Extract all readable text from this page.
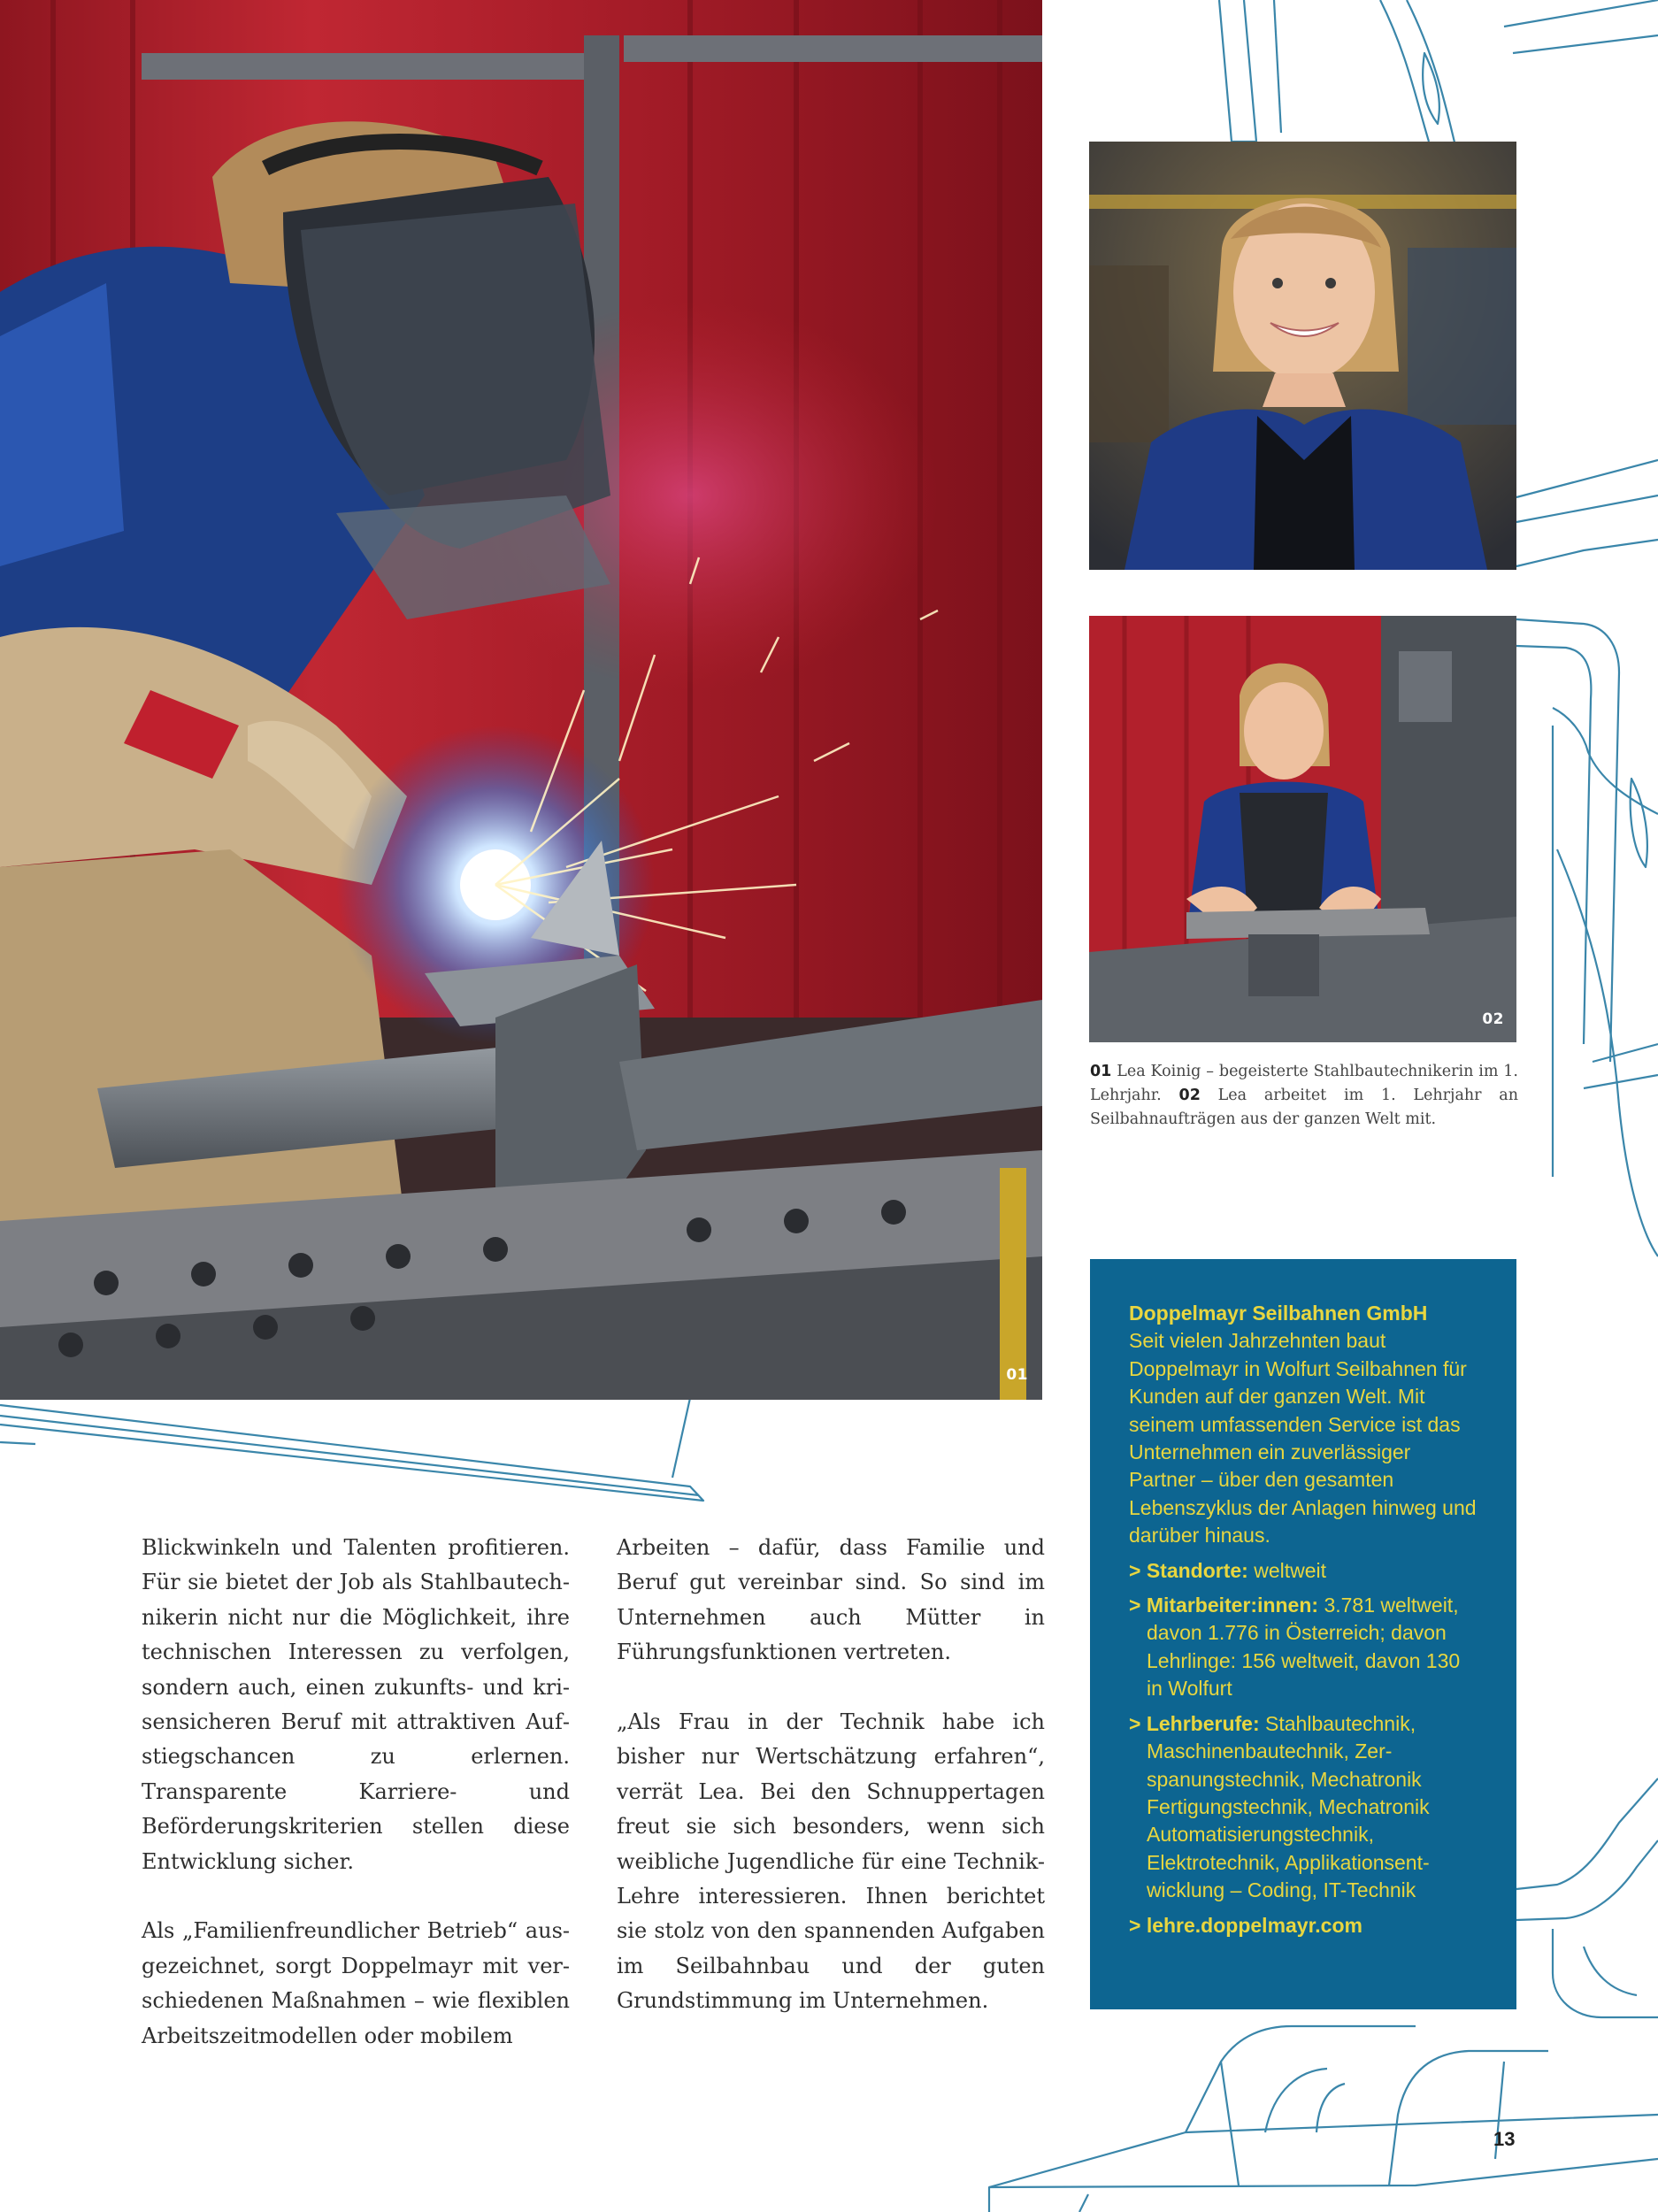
01
02
01 Lea Koinig – begeisterte Stahlbautechnikerin im 1. Lehrjahr. 02 Lea arbeitet im 1. Lehrjahr an Seilbahnaufträgen aus der ganzen Welt mit.

Blickwinkeln und Talenten profitieren. Für sie bietet der Job als Stahlbautechnikerin nicht nur die Möglichkeit, ihre technischen Interessen zu verfolgen, sondern auch, einen zukunfts- und krisensicheren Beruf mit attraktiven Aufstiegschancen zu erlernen. Transparente Karriere- und Beförderungskriterien stellen diese Entwicklung sicher.

Als „Familienfreundlicher Betrieb“ ausgezeichnet, sorgt Doppelmayr mit verschiedenen Maßnahmen – wie flexiblen Arbeitszeitmodellen oder mobilem

Arbeiten – dafür, dass Familie und Beruf gut vereinbar sind. So sind im Unternehmen auch Mütter in Führungsfunktionen vertreten.

„Als Frau in der Technik habe ich bisher nur Wertschätzung erfahren“, verrät Lea. Bei den Schnuppertagen freut sie sich besonders, wenn sich weibliche Jugendliche für eine Technik-Lehre interessieren. Ihnen berichtet sie stolz von den spannenden Aufgaben im Seilbahnbau und der guten Grundstimmung im Unternehmen.

Doppelmayr Seilbahnen GmbH

Seit vielen Jahrzehnten baut Doppelmayr in Wolfurt Seilbahnen für Kunden auf der ganzen Welt. Mit seinem umfassenden Service ist das Unternehmen ein zuverlässiger Partner – über den gesamten Lebenszyklus der Anlagen hinweg und darüber hinaus.

> Standorte: weltweit

> Mitarbeiter:innen: 3.781 weltweit, davon 1.776 in Österreich; davon Lehrlinge: 156 weltweit, davon 130 in Wolfurt

> Lehrberufe: Stahlbautechnik, Maschinenbautechnik, Zerspanungstechnik, Mechatronik Fertigungstechnik, Mechatronik Automatisierungstechnik, Elektrotechnik, Applikationsentwicklung – Coding, IT-Technik

> lehre.doppelmayr.com

13
